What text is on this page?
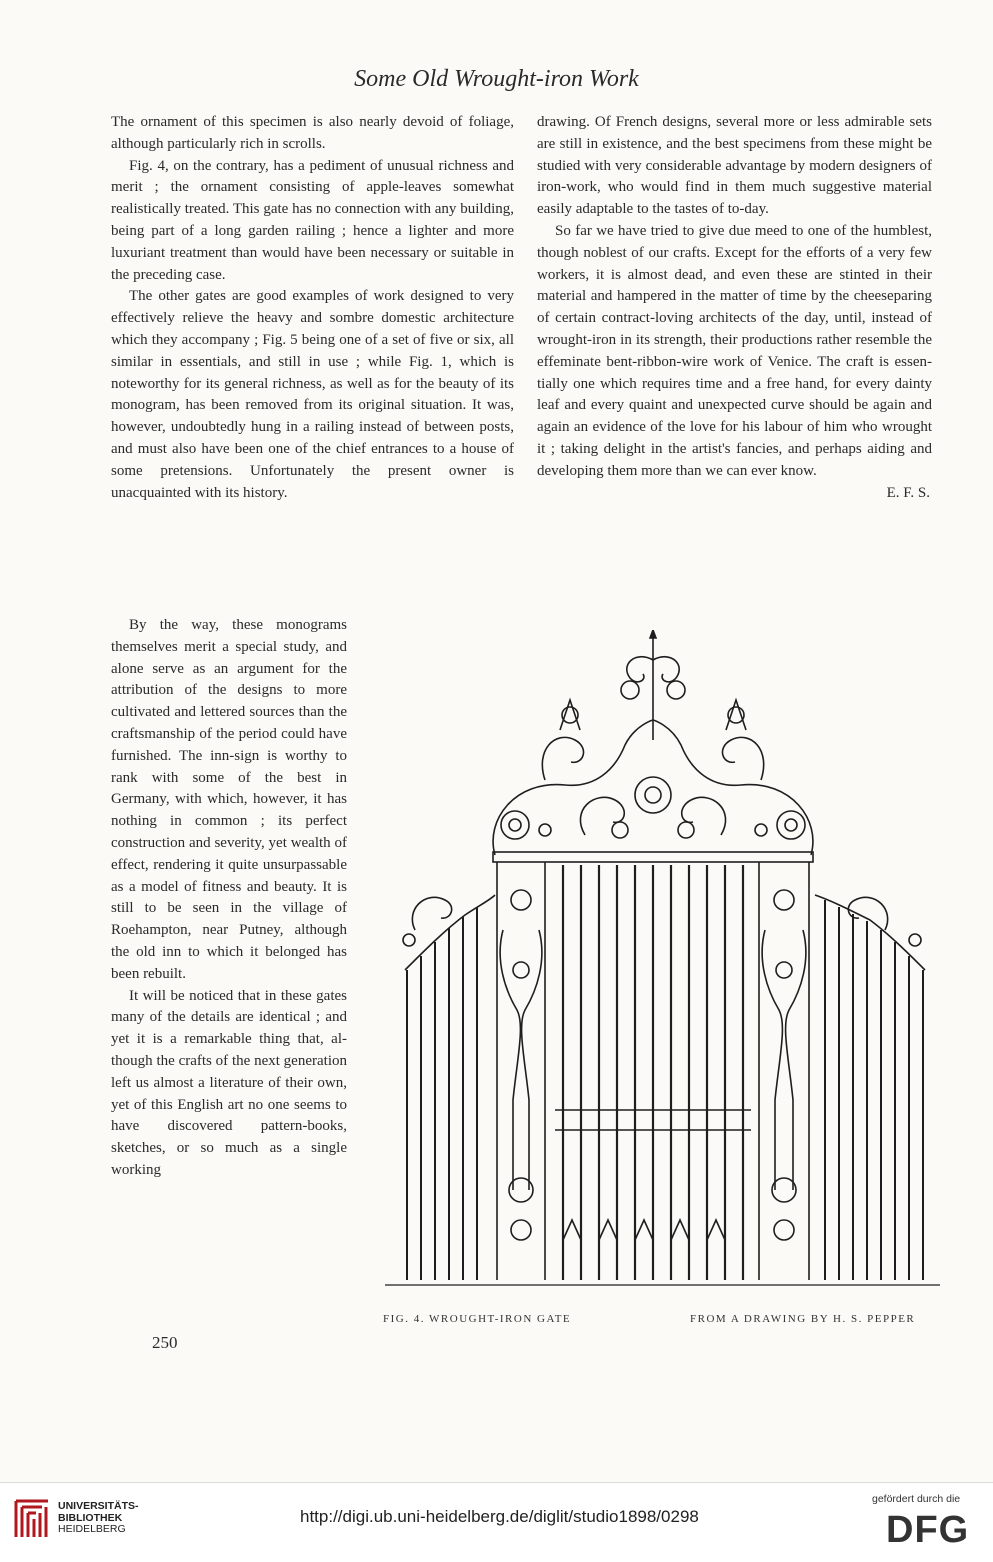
Some Old Wrought-iron Work

The ornament of this specimen is also nearly devoid of foliage, although particularly rich in scrolls.

Fig. 4, on the contrary, has a pediment of unusual richness and merit ; the ornament consisting of apple-leaves somewhat realistically treated. This gate has no connection with any building, being part of a long garden railing ; hence a lighter and more luxuriant treatment than would have been necessary or suitable in the preceding case.

The other gates are good examples of work designed to very effectively relieve the heavy and sombre domestic architecture which they accompany ; Fig. 5 being one of a set of five or six, all similar in essentials, and still in use ; while Fig. 1, which is noteworthy for its general richness, as well as for the beauty of its monogram, has been removed from its original situation. It was, however, undoubtedly hung in a railing instead of between posts, and must also have been one of the chief entrances to a house of some pretensions. Unfortunately the present owner is unacquainted with its history.

By the way, these monograms themselves merit a special study, and alone serve as an argument for the attribution of the designs to more cultivated and lettered sources than the craftsmanship of the period could have furnished. The inn-sign is worthy to rank with some of the best in Germany, with which, however, it has nothing in common ; its perfect construction and severity, yet wealth of effect, rendering it quite unsurpassable as a model of fitness and beauty. It is still to be seen in the village of Roehampton, near Putney, although the old inn to which it belonged has been rebuilt.

It will be noticed that in these gates many of the details are identical ; and yet it is a remarkable thing that, although the crafts of the next generation left us almost a literature of their own, yet of this English art no one seems to have discovered pattern-books, sketches, or so much as a single working

drawing. Of French designs, several more or less admirable sets are still in existence, and the best specimens from these might be studied with very considerable advantage by modern designers of iron-work, who would find in them much suggestive material easily adaptable to the tastes of to-day.

So far we have tried to give due meed to one of the humblest, though noblest of our crafts. Except for the efforts of a very few workers, it is almost dead, and even these are stinted in their material and hampered in the matter of time by the cheeseparing of certain contract-loving architects of the day, until, instead of wrought-iron in its strength, their productions rather resemble the effeminate bent-ribbon-wire work of Venice. The craft is essentially one which requires time and a free hand, for every dainty leaf and every quaint and unexpected curve should be again and again an evidence of the love for his labour of him who wrought it ; taking delight in the artist's fancies, and perhaps aiding and developing them more than we can ever know.

E. F. S.

FIG. 4. WROUGHT-IRON GATE	FROM A DRAWING BY H. S. PEPPER
250
UNIVERSITÄTS-
BIBLIOTHEK
HEIDELBERG
http://digi.ub.uni-heidelberg.de/diglit/studio1898/0298
gefördert durch die
DFG
